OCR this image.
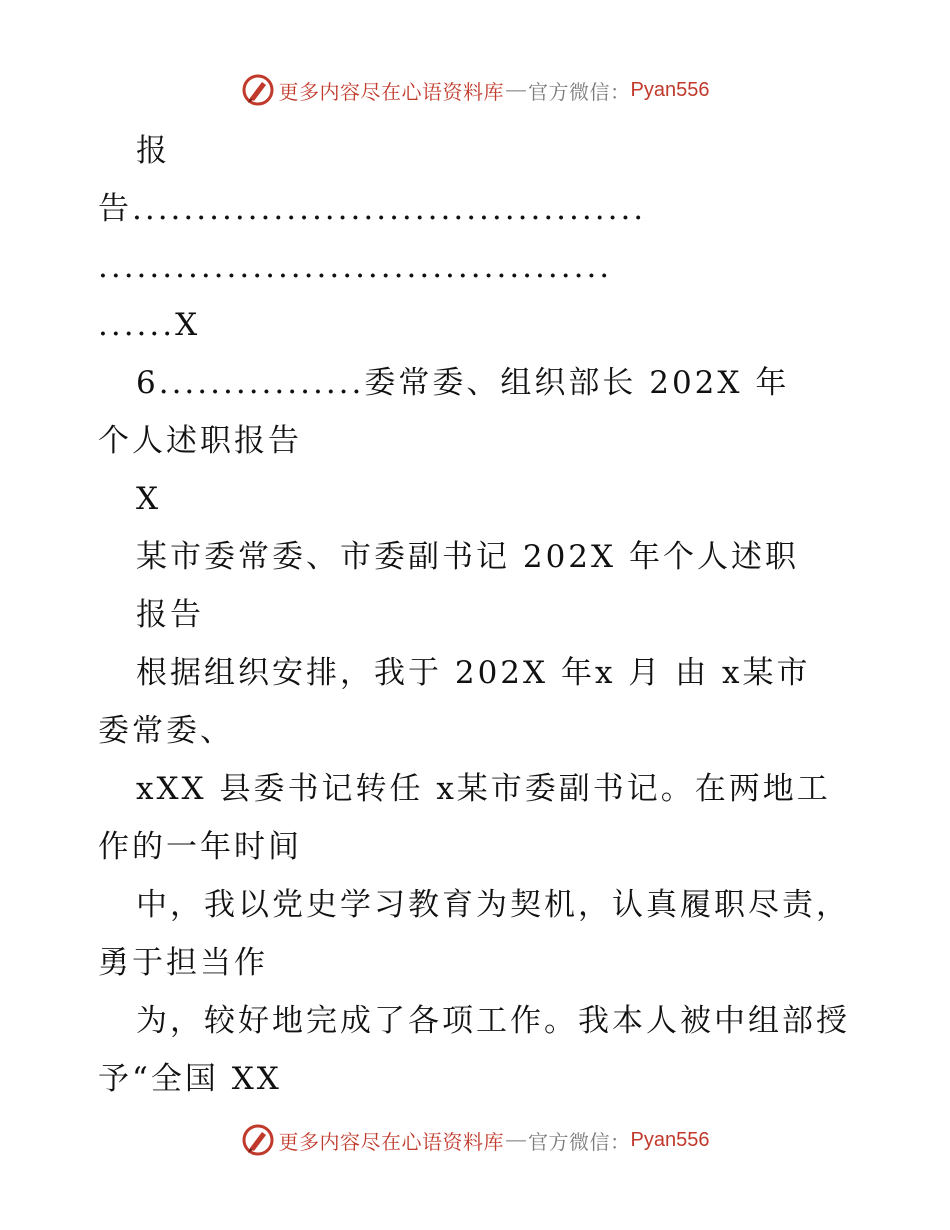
更多内容尽在心语资料库 — 官方微信： Pyan556
报
告........................................
........................................
......X
6................委常委、组织部长 202X 年
个人述职报告
X
某市委常委、市委副书记 202X 年个人述职
报告
根据组织安排，我于 202X 年x 月 由 x某市
委常委、
xXX 县委书记转任 x某市委副书记。在两地工
作的一年时间
中，我以党史学习教育为契机，认真履职尽责，
勇于担当作
为，较好地完成了各项工作。我本人被中组部授
予“全国 XX
更多内容尽在心语资料库 — 官方微信： Pyan556
